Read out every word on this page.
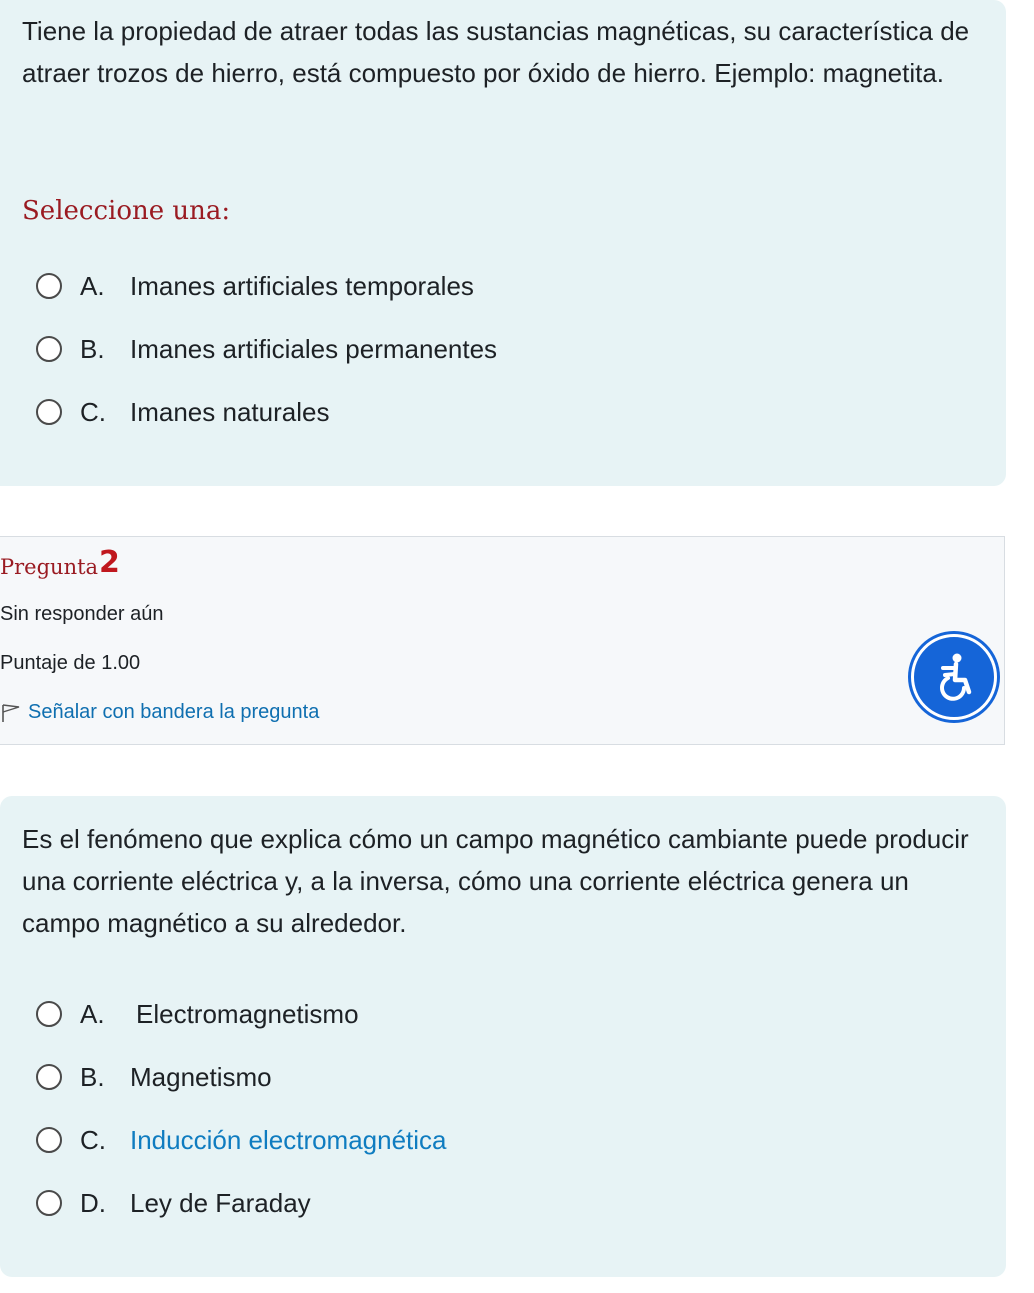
Tiene la propiedad de atraer todas las sustancias magnéticas, su característica de atraer trozos de hierro, está compuesto por óxido de hierro. Ejemplo: magnetita.
Seleccione una:
A. Imanes artificiales temporales
B. Imanes artificiales permanentes
C. Imanes naturales
Pregunta 2
Sin responder aún
Puntaje de 1.00
Señalar con bandera la pregunta
Es el fenómeno que explica cómo un campo magnético cambiante puede producir una corriente eléctrica y, a la inversa, cómo una corriente eléctrica genera un campo magnético a su alrededor.
A.	Electromagnetismo
B. Magnetismo
C. Inducción electromagnética
D. Ley de Faraday
